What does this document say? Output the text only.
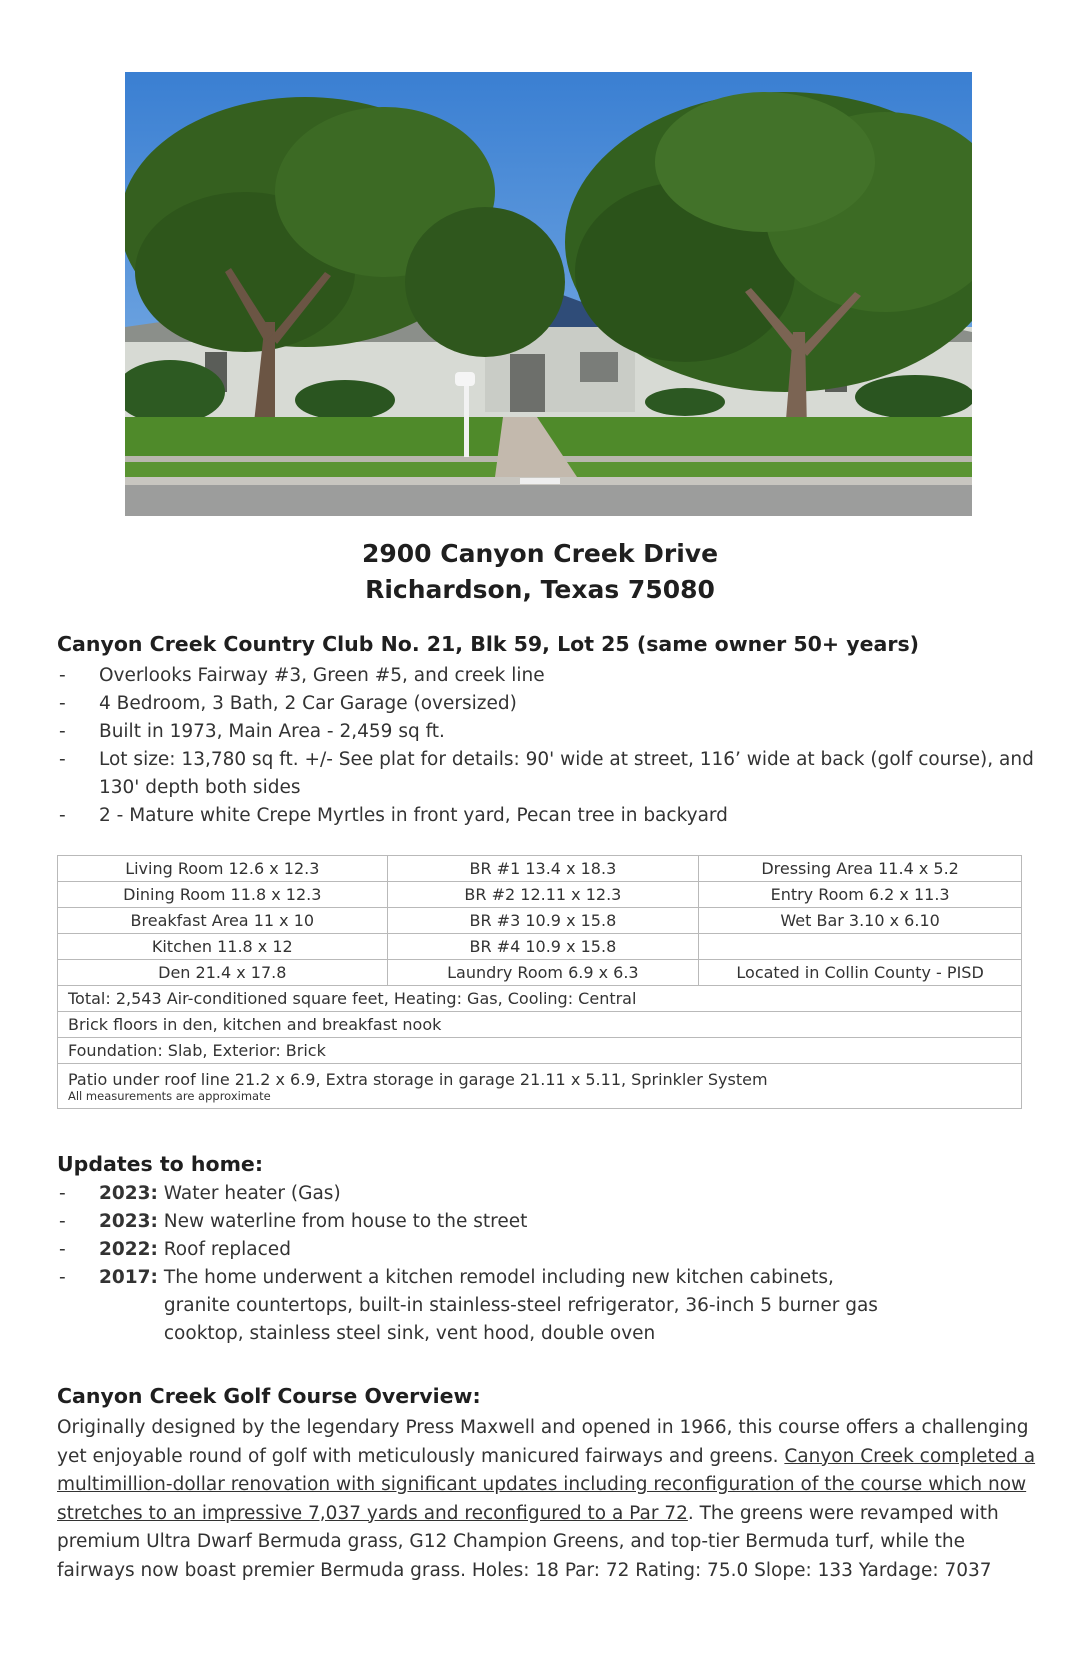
2900 Canyon Creek Drive
Richardson, Texas 75080
Canyon Creek Country Club No. 21, Blk 59, Lot 25 (same owner 50+ years)
- Overlooks Fairway #3, Green #5, and creek line
- 4 Bedroom, 3 Bath, 2 Car Garage (oversized)
- Built in 1973, Main Area - 2,459 sq ft.
- Lot size: 13,780 sq ft. +/- See plat for details: 90' wide at street, 116’ wide at back (golf course), and 130' depth both sides
- 2 - Mature white Crepe Myrtles in front yard, Pecan tree in backyard
Living Room 12.6 x 12.3	BR #1 13.4 x 18.3	Dressing Area 11.4 x 5.2
Dining Room 11.8 x 12.3	BR #2 12.11 x 12.3	Entry Room 6.2 x 11.3
Breakfast Area 11 x 10	BR #3 10.9 x 15.8	Wet Bar 3.10 x 6.10
Kitchen 11.8 x 12	BR #4 10.9 x 15.8	
Den 21.4 x 17.8	Laundry Room 6.9 x 6.3	Located in Collin County - PISD
Total: 2,543 Air-conditioned square feet, Heating: Gas, Cooling: Central		
Brick floors in den, kitchen and breakfast nook		
Foundation: Slab, Exterior: Brick		
Patio under roof line 21.2 x 6.9, Extra storage in garage 21.11 x 5.11, Sprinkler System
All measurements are approximate		
Updates to home:
- 2023: Water heater (Gas)
- 2023: New waterline from house to the street
- 2022: Roof replaced
- 2017: The home underwent a kitchen remodel including new kitchen cabinets, granite countertops, built-in stainless-steel refrigerator, 36-inch 5 burner gas cooktop, stainless steel sink, vent hood, double oven
Canyon Creek Golf Course Overview:
Originally designed by the legendary Press Maxwell and opened in 1966, this course offers a challenging yet enjoyable round of golf with meticulously manicured fairways and greens. Canyon Creek completed a multimillion-dollar renovation with significant updates including reconfiguration of the course which now stretches to an impressive 7,037 yards and reconfigured to a Par 72. The greens were revamped with premium Ultra Dwarf Bermuda grass, G12 Champion Greens, and top-tier Bermuda turf, while the fairways now boast premier Bermuda grass. Holes: 18 Par: 72 Rating: 75.0 Slope: 133 Yardage: 7037
